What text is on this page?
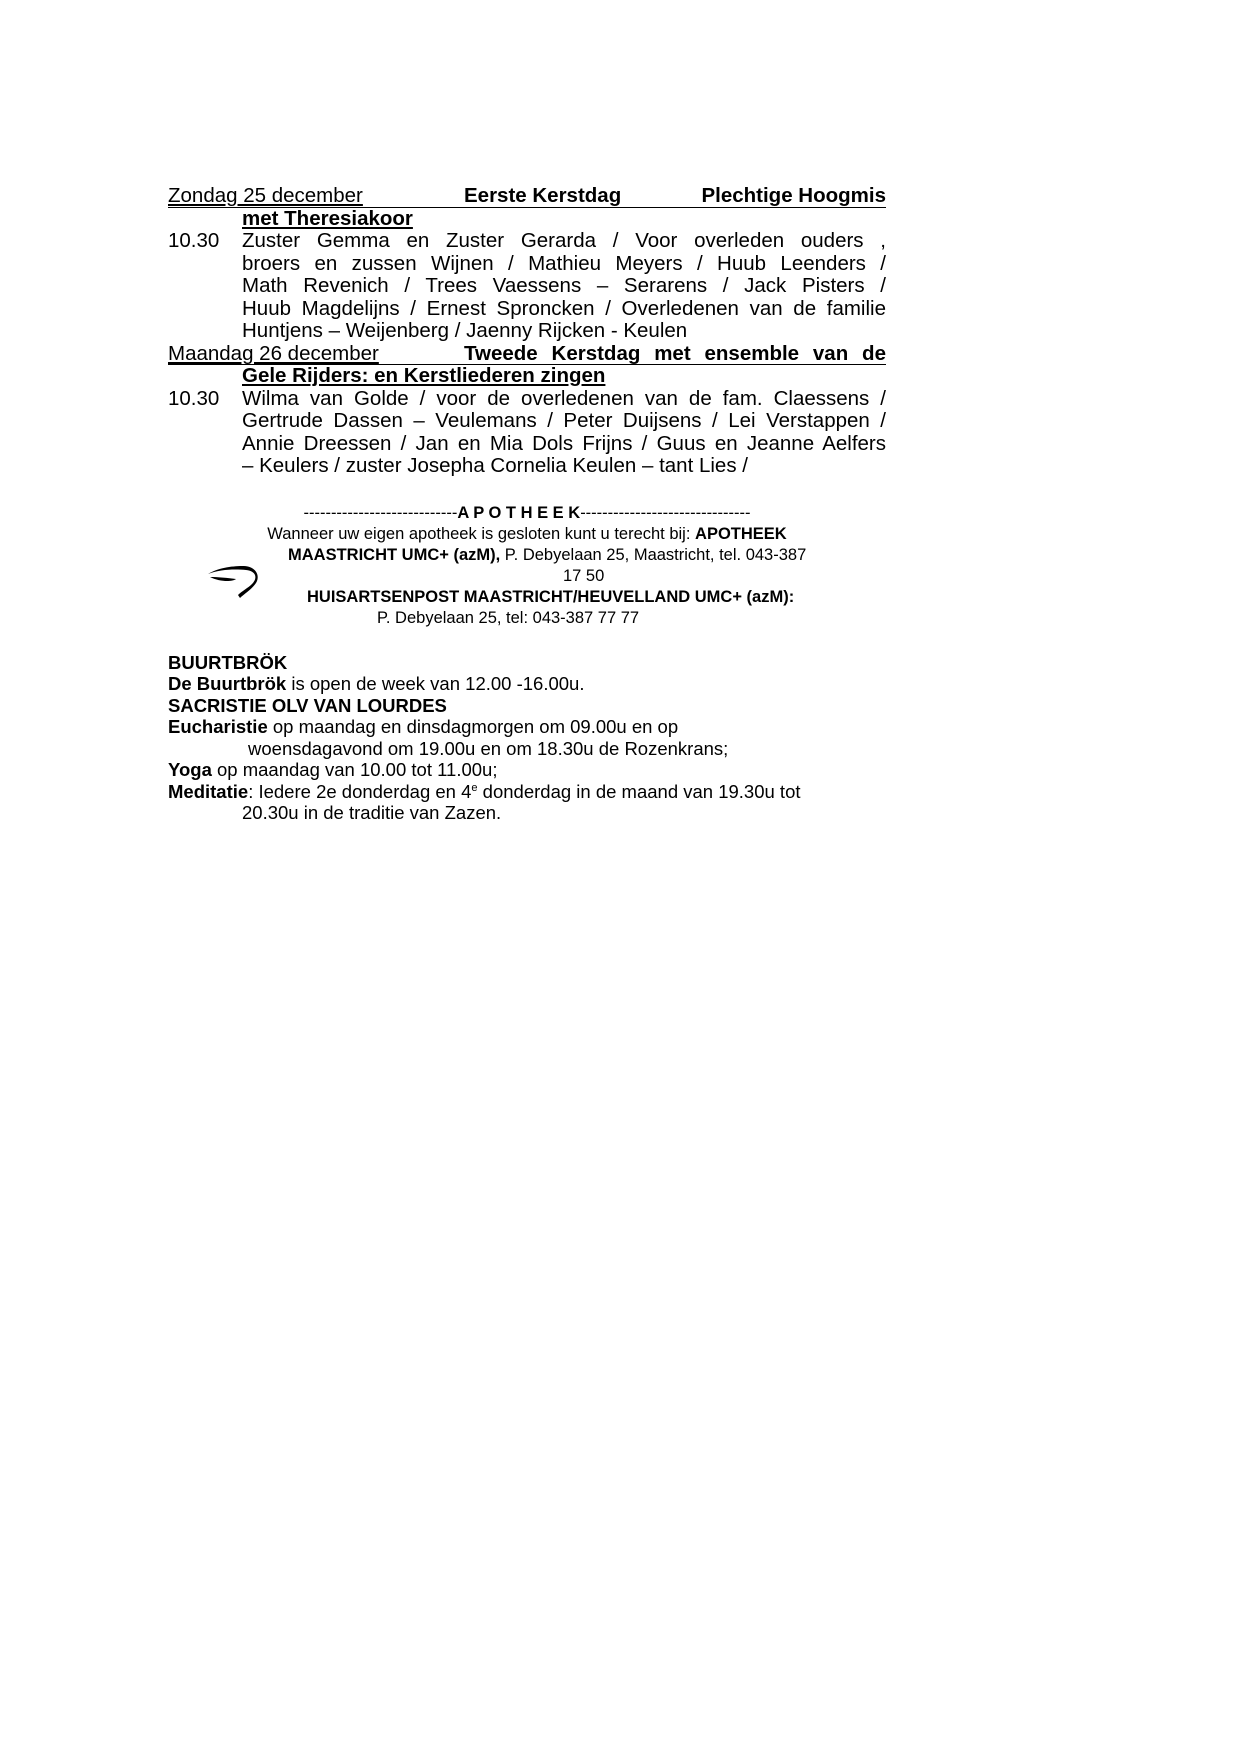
Zondag 25 december	Eerste Kerstdag	Plechtige Hoogmis
met Theresiakoor
10.30	Zuster Gemma en Zuster Gerarda / Voor overleden ouders ,
broers en zussen Wijnen / Mathieu Meyers / Huub Leenders /
Math Revenich / Trees Vaessens – Serarens / Jack Pisters /
Huub Magdelijns / Ernest Sproncken / Overledenen van de familie
Huntjens – Weijenberg / Jaenny Rijcken - Keulen
Maandag 26 december	Tweede Kerstdag met ensemble van de
Gele Rijders: en Kerstliederen zingen
10.30	Wilma van Golde / voor de overledenen van de fam. Claessens /
Gertrude Dassen – Veulemans / Peter Duijsens / Lei Verstappen /
Annie Dreessen / Jan en Mia Dols Frijns / Guus en Jeanne Aelfers
– Keulers / zuster Josepha Cornelia Keulen – tant Lies /
----------------------------A P O T H E E K-------------------------------
Wanneer uw eigen apotheek is gesloten kunt u terecht bij: APOTHEEK
MAASTRICHT UMC+ (azM), P. Debyelaan 25, Maastricht, tel. 043-387
17 50
HUISARTSENPOST MAASTRICHT/HEUVELLAND UMC+ (azM):
P. Debyelaan 25, tel: 043-387 77 77
BUURTBRÖK
De Buurtbrök is open de week van 12.00 -16.00u.
SACRISTIE OLV VAN LOURDES
Eucharistie op maandag en dinsdagmorgen om 09.00u en op
woensdagavond om 19.00u en om 18.30u de Rozenkrans;
Yoga op maandag van 10.00 tot 11.00u;
Meditatie: Iedere 2e donderdag en 4e donderdag in de maand van 19.30u tot
20.30u in de traditie van Zazen.
